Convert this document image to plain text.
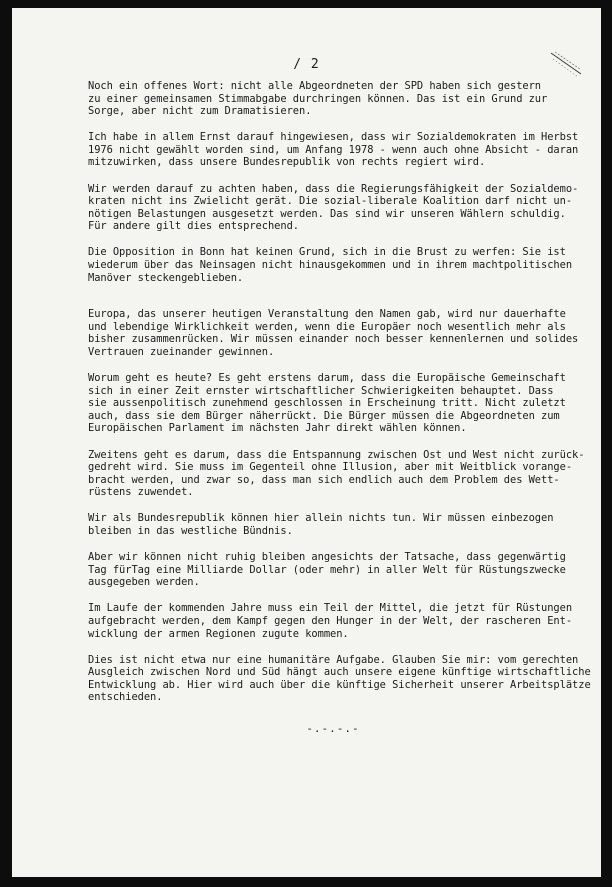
/ 2

Noch ein offenes Wort: nicht alle Abgeordneten der SPD haben sich gestern
zu einer gemeinsamen Stimmabgabe durchringen können. Das ist ein Grund zur
Sorge, aber nicht zum Dramatisieren.

Ich habe in allem Ernst darauf hingewiesen, dass wir Sozialdemokraten im Herbst
1976 nicht gewählt worden sind, um Anfang 1978 - wenn auch ohne Absicht - daran
mitzuwirken, dass unsere Bundesrepublik von rechts regiert wird.

Wir werden darauf zu achten haben, dass die Regierungsfähigkeit der Sozialdemo-
kraten nicht ins Zwielicht gerät. Die sozial-liberale Koalition darf nicht un-
nötigen Belastungen ausgesetzt werden. Das sind wir unseren Wählern schuldig.
Für andere gilt dies entsprechend.

Die Opposition in Bonn hat keinen Grund, sich in die Brust zu werfen: Sie ist
wiederum über das Neinsagen nicht hinausgekommen und in ihrem machtpolitischen
Manöver steckengeblieben.

Europa, das unserer heutigen Veranstaltung den Namen gab, wird nur dauerhafte
und lebendige Wirklichkeit werden, wenn die Europäer noch wesentlich mehr als
bisher zusammenrücken. Wir müssen einander noch besser kennenlernen und solides
Vertrauen zueinander gewinnen.

Worum geht es heute? Es geht erstens darum, dass die Europäische Gemeinschaft
sich in einer Zeit ernster wirtschaftlicher Schwierigkeiten behauptet. Dass
sie aussenpolitisch zunehmend geschlossen in Erscheinung tritt. Nicht zuletzt
auch, dass sie dem Bürger näherrückt. Die Bürger müssen die Abgeordneten zum
Europäischen Parlament im nächsten Jahr direkt wählen können.

Zweitens geht es darum, dass die Entspannung zwischen Ost und West nicht zurück-
gedreht wird. Sie muss im Gegenteil ohne Illusion, aber mit Weitblick vorange-
bracht werden, und zwar so, dass man sich endlich auch dem Problem des Wett-
rüstens zuwendet.

Wir als Bundesrepublik können hier allein nichts tun. Wir müssen einbezogen
bleiben in das westliche Bündnis.

Aber wir können nicht ruhig bleiben angesichts der Tatsache, dass gegenwärtig
Tag fürTag eine Milliarde Dollar (oder mehr) in aller Welt für Rüstungszwecke
ausgegeben werden.

Im Laufe der kommenden Jahre muss ein Teil der Mittel, die jetzt für Rüstungen
aufgebracht werden, dem Kampf gegen den Hunger in der Welt, der rascheren Ent-
wicklung der armen Regionen zugute kommen.

Dies ist nicht etwa nur eine humanitäre Aufgabe. Glauben Sie mir: vom gerechten
Ausgleich zwischen Nord und Süd hängt auch unsere eigene künftige wirtschaftliche
Entwicklung ab. Hier wird auch über die künftige Sicherheit unserer Arbeitsplätze
entschieden.

-.-.-.-
